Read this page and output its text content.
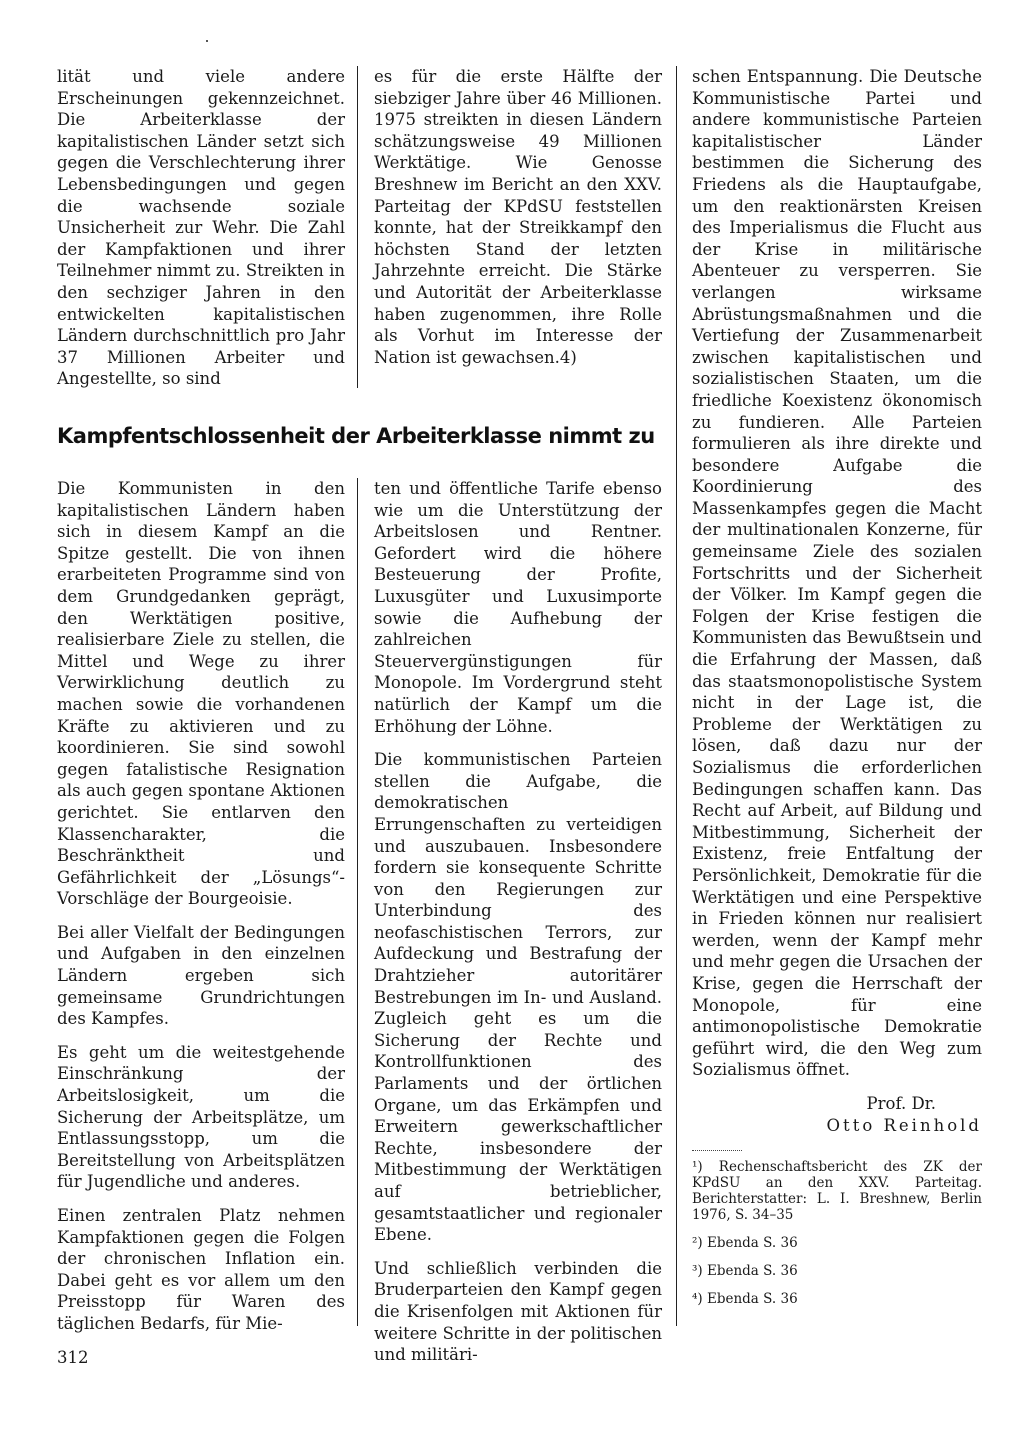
lität und viele andere Erscheinungen gekennzeichnet. Die Arbeiterklasse der kapitalistischen Länder setzt sich gegen die Verschlechterung ihrer Lebensbedingungen und gegen die wachsende soziale Unsicherheit zur Wehr. Die Zahl der Kampfaktionen und ihrer Teilnehmer nimmt zu. Streikten in den sechziger Jahren in den entwickelten kapitalistischen Ländern durchschnittlich pro Jahr 37 Millionen Arbeiter und Angestellte, so sind

es für die erste Hälfte der siebziger Jahre über 46 Millionen. 1975 streikten in diesen Ländern schätzungsweise 49 Millionen Werktätige. Wie Genosse Breshnew im Bericht an den XXV. Parteitag der KPdSU feststellen konnte, hat der Streikkampf den höchsten Stand der letzten Jahrzehnte erreicht. Die Stärke und Autorität der Arbeiterklasse haben zugenommen, ihre Rolle als Vorhut im Interesse der Nation ist gewachsen.4)

Kampfentschlossenheit der Arbeiterklasse nimmt zu

Die Kommunisten in den kapitalistischen Ländern haben sich in diesem Kampf an die Spitze gestellt. Die von ihnen erarbeiteten Programme sind von dem Grundgedanken geprägt, den Werktätigen positive, realisierbare Ziele zu stellen, die Mittel und Wege zu ihrer Verwirklichung deutlich zu machen sowie die vorhandenen Kräfte zu aktivieren und zu koordinieren. Sie sind sowohl gegen fatalistische Resignation als auch gegen spontane Aktionen gerichtet. Sie entlarven den Klassencharakter, die Beschränktheit und Gefährlichkeit der „Lösungs“-Vorschläge der Bourgeoisie.

Bei aller Vielfalt der Bedingungen und Aufgaben in den einzelnen Ländern ergeben sich gemeinsame Grundrichtungen des Kampfes.

Es geht um die weitestgehende Einschränkung der Arbeitslosigkeit, um die Sicherung der Arbeitsplätze, um Entlassungsstopp, um die Bereitstellung von Arbeitsplätzen für Jugendliche und anderes.

Einen zentralen Platz nehmen Kampfaktionen gegen die Folgen der chronischen Inflation ein. Dabei geht es vor allem um den Preisstopp für Waren des täglichen Bedarfs, für Mie-

ten und öffentliche Tarife ebenso wie um die Unterstützung der Arbeitslosen und Rentner. Gefordert wird die höhere Besteuerung der Profite, Luxusgüter und Luxusimporte sowie die Aufhebung der zahlreichen Steuervergünstigungen für Monopole. Im Vordergrund steht natürlich der Kampf um die Erhöhung der Löhne.

Die kommunistischen Parteien stellen die Aufgabe, die demokratischen Errungenschaften zu verteidigen und auszubauen. Insbesondere fordern sie konsequente Schritte von den Regierungen zur Unterbindung des neofaschistischen Terrors, zur Aufdeckung und Bestrafung der Drahtzieher autoritärer Bestrebungen im In- und Ausland. Zugleich geht es um die Sicherung der Rechte und Kontrollfunktionen des Parlaments und der örtlichen Organe, um das Erkämpfen und Erweitern gewerkschaftlicher Rechte, insbesondere der Mitbestimmung der Werktätigen auf betrieblicher, gesamtstaatlicher und regionaler Ebene.

Und schließlich verbinden die Bruderparteien den Kampf gegen die Krisenfolgen mit Aktionen für weitere Schritte in der politischen und militäri-

schen Entspannung. Die Deutsche Kommunistische Partei und andere kommunistische Parteien kapitalistischer Länder bestimmen die Sicherung des Friedens als die Hauptaufgabe, um den reaktionärsten Kreisen des Imperialismus die Flucht aus der Krise in militärische Abenteuer zu versperren. Sie verlangen wirksame Abrüstungsmaßnahmen und die Vertiefung der Zusammenarbeit zwischen kapitalistischen und sozialistischen Staaten, um die friedliche Koexistenz ökonomisch zu fundieren. Alle Parteien formulieren als ihre direkte und besondere Aufgabe die Koordinierung des Massenkampfes gegen die Macht der multinationalen Konzerne, für gemeinsame Ziele des sozialen Fortschritts und der Sicherheit der Völker. Im Kampf gegen die Folgen der Krise festigen die Kommunisten das Bewußtsein und die Erfahrung der Massen, daß das staatsmonopolistische System nicht in der Lage ist, die Probleme der Werktätigen zu lösen, daß dazu nur der Sozialismus die erforderlichen Bedingungen schaffen kann. Das Recht auf Arbeit, auf Bildung und Mitbestimmung, Sicherheit der Existenz, freie Entfaltung der Persönlichkeit, Demokratie für die Werktätigen und eine Perspektive in Frieden können nur realisiert werden, wenn der Kampf mehr und mehr gegen die Ursachen der Krise, gegen die Herrschaft der Monopole, für eine antimonopolistische Demokratie geführt wird, die den Weg zum Sozialismus öffnet.

Prof. Dr.
Otto Reinhold

¹) Rechenschaftsbericht des ZK der KPdSU an den XXV. Parteitag. Berichterstatter: L. I. Breshnew, Berlin 1976, S. 34–35

²) Ebenda S. 36

³) Ebenda S. 36

⁴) Ebenda S. 36

312
